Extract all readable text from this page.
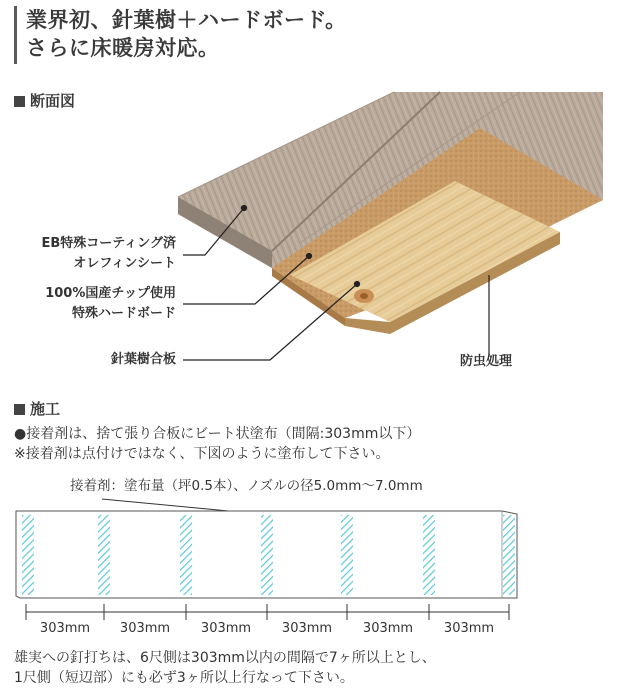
業界初、針葉樹＋ハードボード。
さらに床暖房対応。
断面図
EB特殊コーティング済
オレフィンシート
100%国産チップ使用
特殊ハードボード
針葉樹合板	防虫処理
施工
●接着剤は、捨て張り合板にビート状塗布（間隔:303mm以下）
※接着剤は点付けではなく、下図のように塗布して下さい。
接着剤：塗布量（坪0.5本）、ノズルの径5.0mm〜7.0mm
303mm	303mm	303mm	303mm	303mm	303mm
雄実への釘打ちは、6尺側は303mm以内の間隔で7ヶ所以上とし、
1尺側（短辺部）にも必ず3ヶ所以上行なって下さい。
